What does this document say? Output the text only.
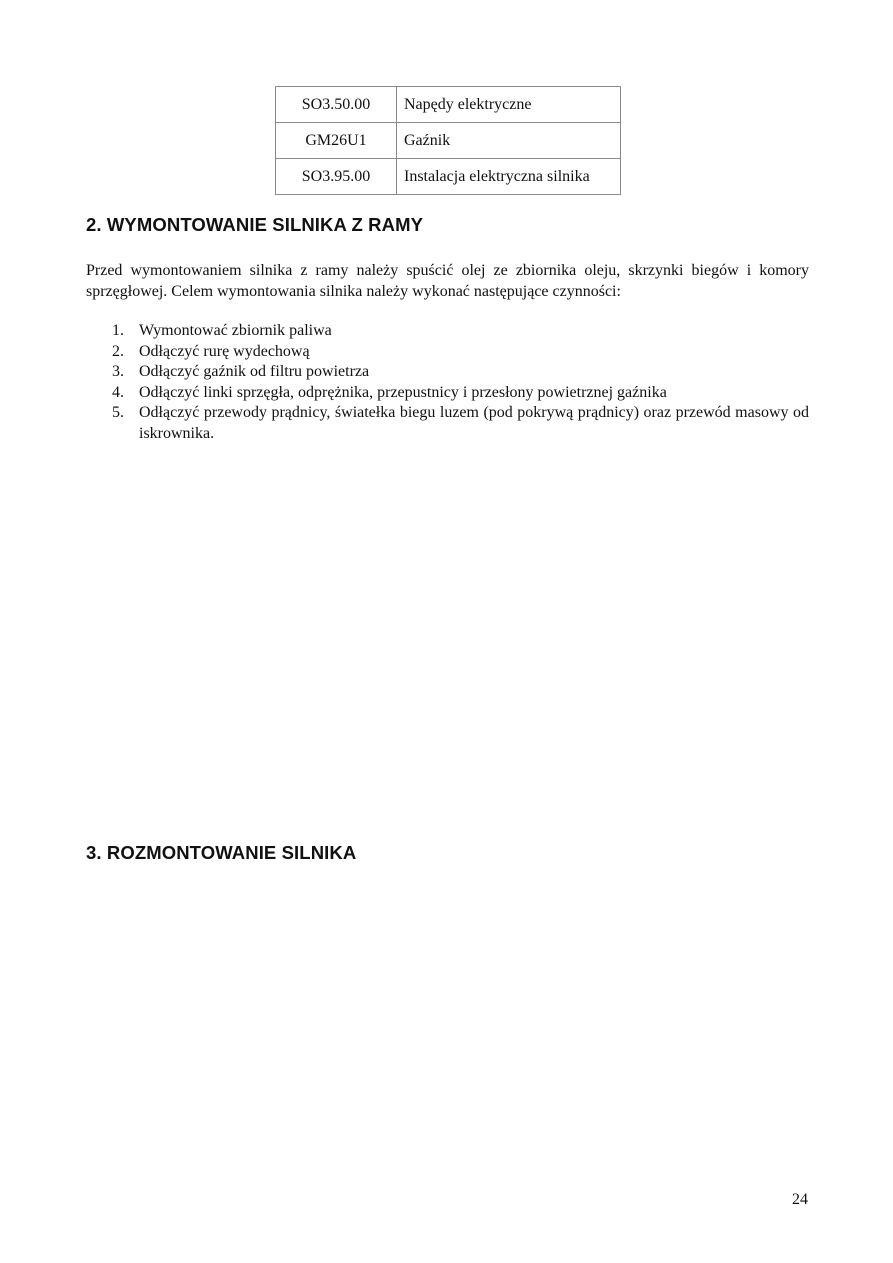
SO3.50.00	Napędy elektryczne
GM26U1	Gaźnik
SO3.95.00	Instalacja elektryczna silnika
2. WYMONTOWANIE SILNIKA Z RAMY

Przed wymontowaniem silnika z ramy należy spuścić olej ze zbiornika oleju, skrzynki biegów i komory sprzęgłowej. Celem wymontowania silnika należy wykonać następujące czynności:

1. Wymontować zbiornik paliwa
2. Odłączyć rurę wydechową
3. Odłączyć gaźnik od filtru powietrza
4. Odłączyć linki sprzęgła, odprężnika, przepustnicy i przesłony powietrznej gaźnika
5. Odłączyć przewody prądnicy, światełka biegu luzem (pod pokrywą prądnicy) oraz przewód masowy od iskrownika.
3. ROZMONTOWANIE SILNIKA
24
